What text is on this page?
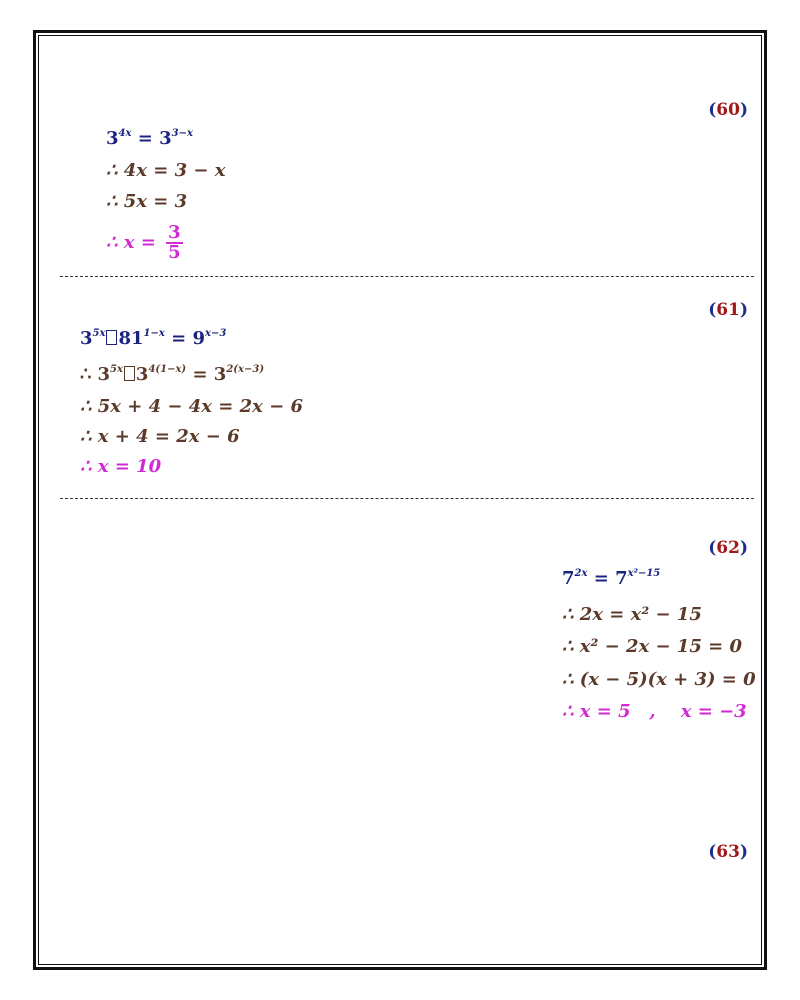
(60)
$3^{4x} = 3^{3-x}$
∴ 4x = 3 − x
∴ 5x = 3
∴ $x = \frac{3}{5}$
(61)
$3^{5x}$ $81^{1-x} = 9^{x-3}$
∴ $3^{5x}$ $3^{4(1-x)} = 3^{2(x-3)}$
∴ 5x + 4 − 4x = 2x − 6
∴ x + 4 = 2x − 6
∴ x = 10
(62)
$7^{2x} = 7^{x^2-15}$
∴ 2x = x² − 15
∴ x² − 2x − 15 = 0
∴ (x − 5)(x + 3) = 0
∴ x = 5   ,    x = −3
(63)
